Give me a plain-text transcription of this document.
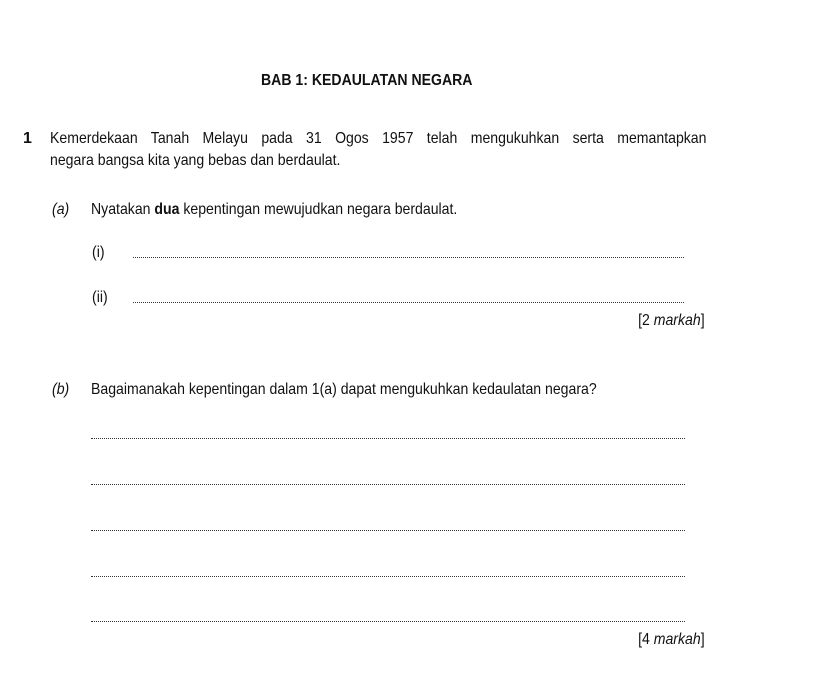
BAB 1: KEDAULATAN NEGARA
1 Kemerdekaan Tanah Melayu pada 31 Ogos 1957 telah mengukuhkan serta memantapkan
negara bangsa kita yang bebas dan berdaulat.
(a) Nyatakan dua kepentingan mewujudkan negara berdaulat.
(i)
(ii)
[2 markah]
(b) Bagaimanakah kepentingan dalam 1(a) dapat mengukuhkan kedaulatan negara?
[4 markah]
